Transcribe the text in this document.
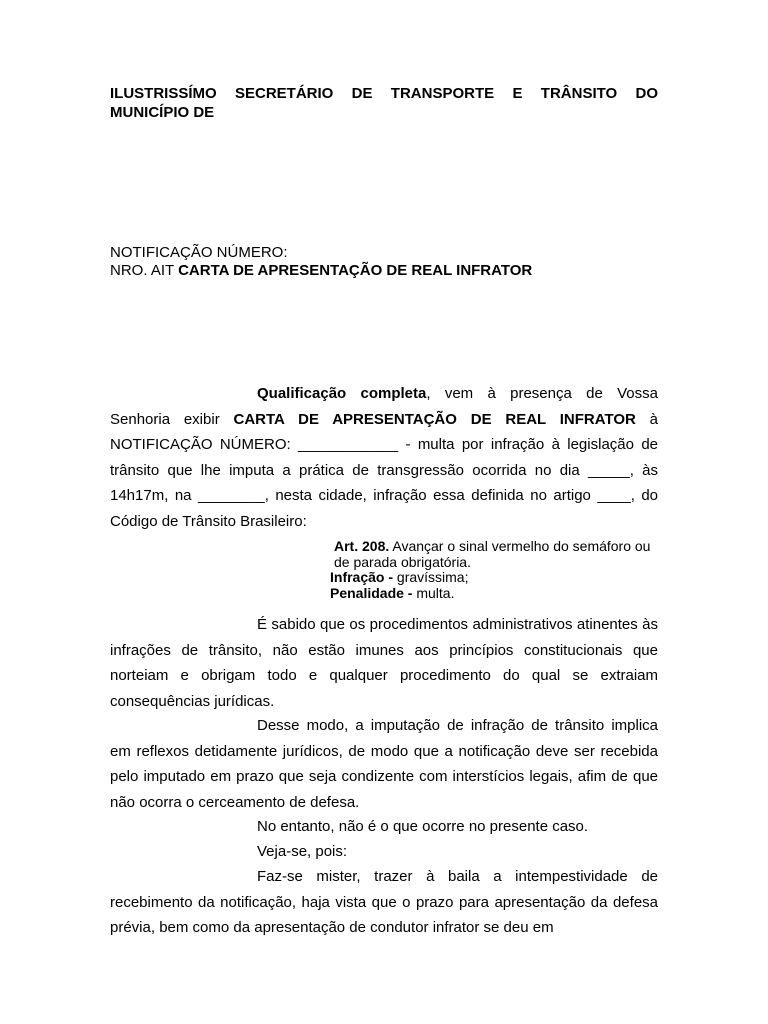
ILUSTRISSÍMO SECRETÁRIO DE TRANSPORTE E TRÂNSITO DO
MUNICÍPIO DE
NOTIFICAÇÃO NÚMERO:
NRO. AIT CARTA DE APRESENTAÇÃO DE REAL INFRATOR

Qualificação completa, vem à presença de Vossa Senhoria exibir CARTA DE APRESENTAÇÃO DE REAL INFRATOR à NOTIFICAÇÃO NÚMERO: ____________ - multa por infração à legislação de trânsito que lhe imputa a prática de transgressão ocorrida no dia _____, às 14h17m, na ________, nesta cidade, infração essa definida no artigo ____, do Código de Trânsito Brasileiro:

Art. 208. Avançar o sinal vermelho do semáforo ou de parada obrigatória.
Infração - gravíssima;
Penalidade - multa.

É sabido que os procedimentos administrativos atinentes às infrações de trânsito, não estão imunes aos princípios constitucionais que norteiam e obrigam todo e qualquer procedimento do qual se extraiam consequências jurídicas.

Desse modo, a imputação de infração de trânsito implica em reflexos detidamente jurídicos, de modo que a notificação deve ser recebida pelo imputado em prazo que seja condizente com interstícios legais, afim de que não ocorra o cerceamento de defesa.

No entanto, não é o que ocorre no presente caso.

Veja-se, pois:

Faz-se mister, trazer à baila a intempestividade de recebimento da notificação, haja vista que o prazo para apresentação da defesa prévia, bem como da apresentação de condutor infrator se deu em
